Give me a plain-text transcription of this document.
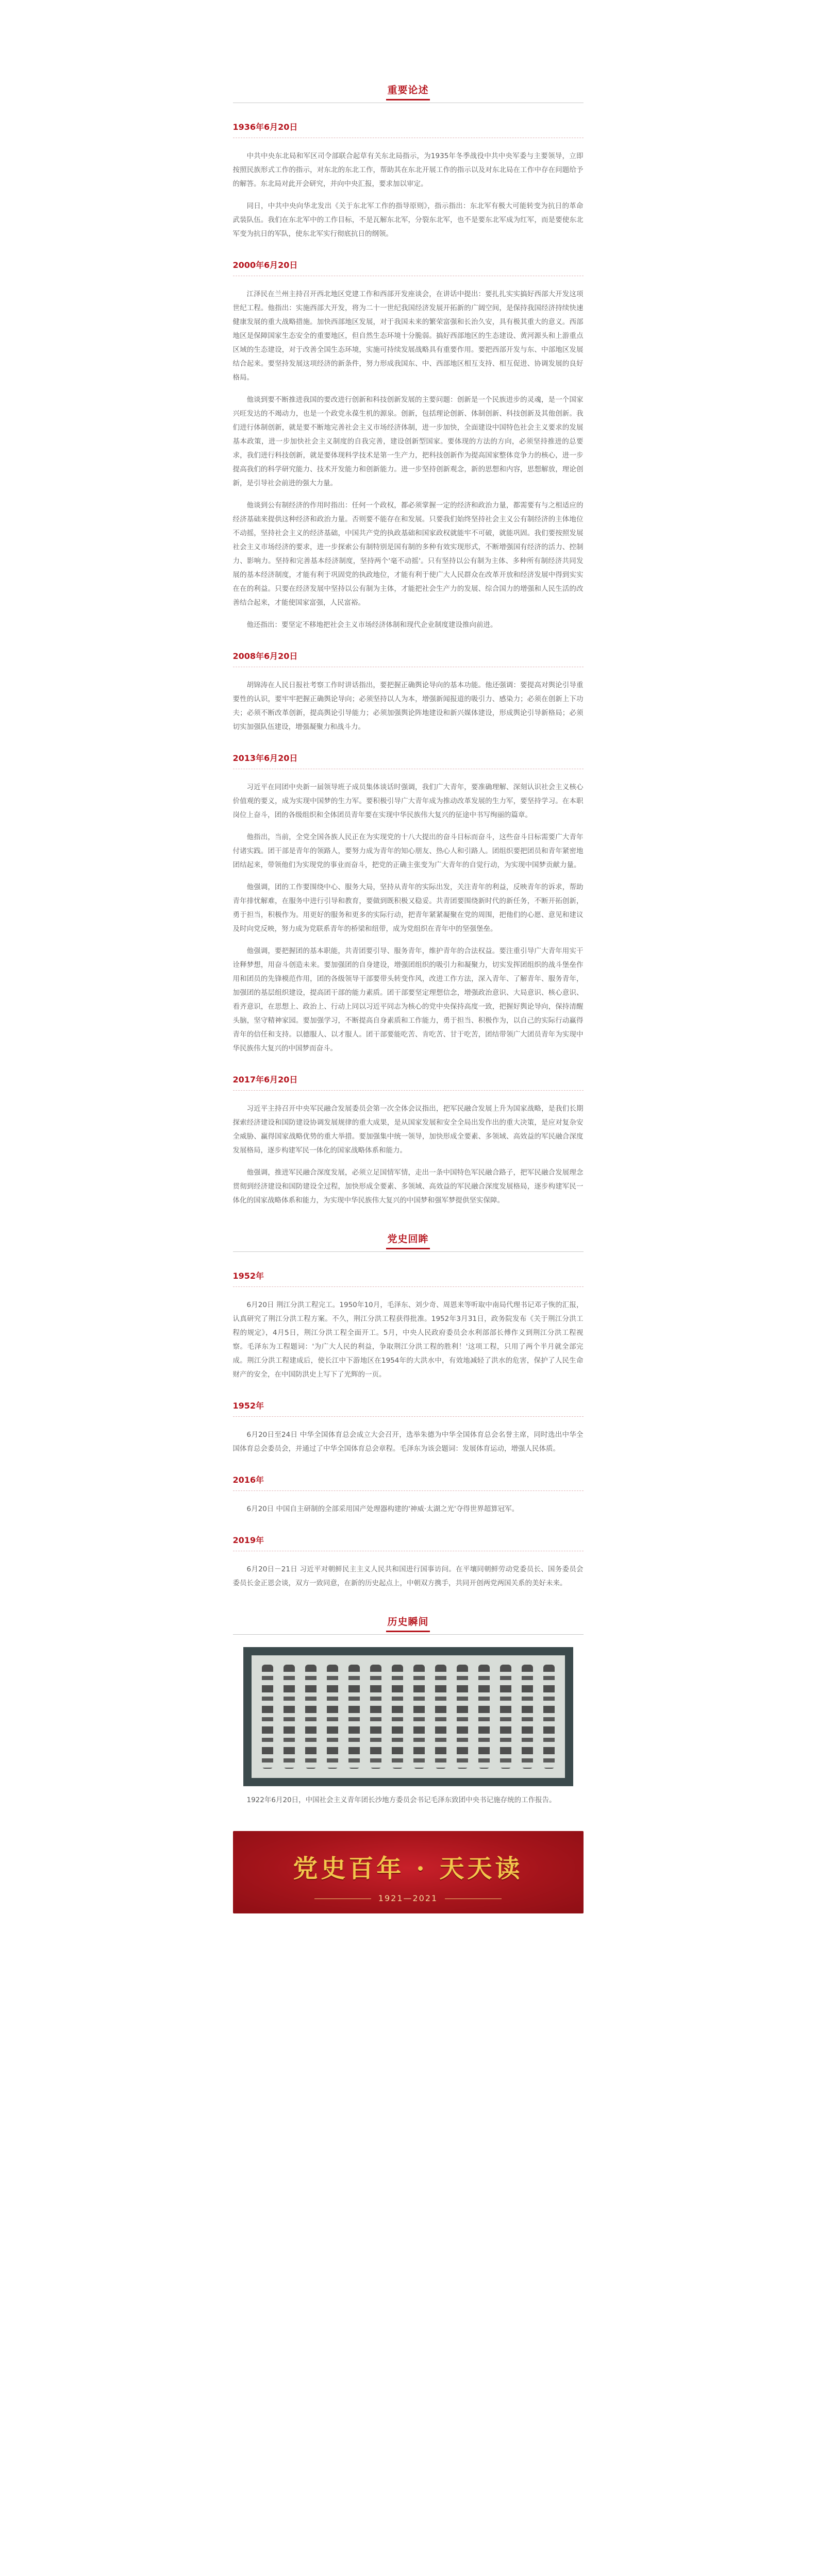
重要论述
1936年6月20日

中共中央东北局和军区司令部联合起草有关东北局指示，为1935年冬季战役中共中央军委与主要领导，立即按照民族形式工作的指示，对东北的东北工作，帮助其在东北开展工作的指示以及对东北局在工作中存在问题给予的解答。东北局对此开会研究，并向中央汇报，要求加以审定。

同日，中共中央向华北发出《关于东北军工作的指导原则》，指示指出：东北军有极大可能转变为抗日的革命武装队伍。我们在东北军中的工作目标，不是瓦解东北军，分裂东北军，也不是要东北军成为红军，而是要使东北军变为抗日的军队，使东北军实行彻底抗日的纲领。

2000年6月20日

江泽民在兰州主持召开西北地区党建工作和西部开发座谈会，在讲话中提出：要扎扎实实搞好西部大开发这项世纪工程。他指出：实施西部大开发，将为二十一世纪我国经济发展开拓新的广阔空间，是保持我国经济持续快速健康发展的重大战略措施。加快西部地区发展，对于我国未来的繁荣富强和长治久安，具有极其重大的意义。西部地区是保障国家生态安全的重要地区，但自然生态环境十分脆弱。搞好西部地区的生态建设、黄河源头和上游重点区域的生态建设，对于改善全国生态环境，实施可持续发展战略具有重要作用。要把西部开发与东、中部地区发展结合起来。要坚持发展这项经济的新条件，努力形成我国东、中、西部地区相互支持、相互促进、协调发展的良好格局。

他谈到要不断推进我国的要改进行创新和科技创新发展的主要问题：创新是一个民族进步的灵魂，是一个国家兴旺发达的不竭动力，也是一个政党永葆生机的源泉。创新，包括理论创新、体制创新、科技创新及其他创新。我们进行体制创新，就是要不断地完善社会主义市场经济体制，进一步加快，全面建设中国特色社会主义要求的发展基本政策，进一步加快社会主义制度的自我完善，建设创新型国家。要体现的方法的方向，必须坚持推进的总要求，我们进行科技创新，就是要体现科学技术是第一生产力，把科技创新作为提高国家整体竞争力的核心，进一步提高我们的科学研究能力、技术开发能力和创新能力。进一步坚持创新观念，新的思想和内容，思想解放，理论创新，是引导社会前进的强大力量。

他谈到公有制经济的作用时指出：任何一个政权，都必须掌握一定的经济和政治力量，都需要有与之相适应的经济基础来提供这种经济和政治力量。否则要不能存在和发展。只要我们始终坚持社会主义公有制经济的主体地位不动摇，坚持社会主义的经济基础，中国共产党的执政基础和国家政权就能牢不可破，就能巩固。我们要按照发展社会主义市场经济的要求，进一步探索公有制特别是国有制的多种有效实现形式，不断增强国有经济的活力、控制力、影响力。坚持和完善基本经济制度，坚持两个'毫不动摇'。只有坚持以公有制为主体、多种所有制经济共同发展的基本经济制度，才能有利于巩固党的执政地位，才能有利于使广大人民群众在改革开放和经济发展中得到实实在在的利益。只要在经济发展中坚持以公有制为主体，才能把社会生产力的发展、综合国力的增强和人民生活的改善结合起来，才能使国家富强，人民富裕。

他还指出：要坚定不移地把社会主义市场经济体制和现代企业制度建设推向前进。

2008年6月20日

胡锦涛在人民日报社考察工作时讲话指出，要把握正确舆论导向的基本功能。他还强调：要提高对舆论引导重要性的认识，要牢牢把握正确舆论导向；必须坚持以人为本，增强新闻报道的吸引力、感染力；必须在创新上下功夫；必须不断改革创新，提高舆论引导能力；必须加强舆论阵地建设和新兴媒体建设，形成舆论引导新格局；必须切实加强队伍建设，增强凝聚力和战斗力。

2013年6月20日

习近平在同团中央新一届领导班子成员集体谈话时强调，我们广大青年，要准确理解、深刻认识社会主义核心价值观的要义，成为实现中国梦的生力军。要积极引导广大青年成为推动改革发展的生力军，要坚持学习。在本职岗位上奋斗，团的各级组织和全体团员青年要在实现中华民族伟大复兴的征途中书写绚丽的篇章。

他指出，当前，全党全国各族人民正在为实现党的十八大提出的奋斗目标而奋斗，这些奋斗目标需要广大青年付诸实践。团干部是青年的领路人，要努力成为青年的知心朋友、热心人和引路人。团组织要把团员和青年紧密地团结起来，带领他们为实现党的事业而奋斗，把党的正确主张变为广大青年的自觉行动，为实现中国梦贡献力量。

他强调，团的工作要围绕中心、服务大局，坚持从青年的实际出发，关注青年的利益，反映青年的诉求，帮助青年排忧解难，在服务中进行引导和教育，要做到既积极又稳妥。共青团要围绕新时代的新任务，不断开拓创新，勇于担当，积极作为。用更好的服务和更多的实际行动，把青年紧紧凝聚在党的周围，把他们的心愿、意见和建议及时向党反映，努力成为党联系青年的桥梁和纽带，成为党组织在青年中的坚强堡垒。

他强调，要把握团的基本职能，共青团要引导、服务青年，维护青年的合法权益。要注重引导广大青年用实干诠释梦想，用奋斗创造未来。要加强团的自身建设，增强团组织的吸引力和凝聚力，切实发挥团组织的战斗堡垒作用和团员的先锋模范作用，团的各级领导干部要带头转变作风，改进工作方法，深入青年、了解青年、服务青年，加强团的基层组织建设，提高团干部的能力素质。团干部要坚定理想信念，增强政治意识、大局意识、核心意识、看齐意识，在思想上、政治上、行动上同以习近平同志为核心的党中央保持高度一致，把握好舆论导向，保持清醒头脑，坚守精神家园。要加强学习，不断提高自身素质和工作能力，勇于担当、积极作为，以自己的实际行动赢得青年的信任和支持。以德服人、以才服人。团干部要能吃苦、肯吃苦、甘于吃苦，团结带领广大团员青年为实现中华民族伟大复兴的中国梦而奋斗。

2017年6月20日

习近平主持召开中央军民融合发展委员会第一次全体会议指出，把军民融合发展上升为国家战略，是我们长期探索经济建设和国防建设协调发展规律的重大成果，是从国家发展和安全全局出发作出的重大决策，是应对复杂安全威胁、赢得国家战略优势的重大举措。要加强集中统一领导，加快形成全要素、多领域、高效益的军民融合深度发展格局，逐步构建军民一体化的国家战略体系和能力。

他强调，推进军民融合深度发展，必须立足国情军情，走出一条中国特色军民融合路子，把军民融合发展理念贯彻到经济建设和国防建设全过程，加快形成全要素、多领域、高效益的军民融合深度发展格局，逐步构建军民一体化的国家战略体系和能力，为实现中华民族伟大复兴的中国梦和强军梦提供坚实保障。

党史回眸
1952年

6月20日 荆江分洪工程完工。1950年10月，毛泽东、刘少奇、周恩来等听取中南局代理书记邓子恢的汇报，认真研究了荆江分洪工程方案。不久，荆江分洪工程获得批准。1952年3月31日，政务院发布《关于荆江分洪工程的规定》，4月5日，荆江分洪工程全面开工。5月，中央人民政府委员会水利部部长傅作义到荆江分洪工程视察。毛泽东为工程题词：'为广大人民的利益，争取荆江分洪工程的胜利！'这项工程，只用了两个半月就全部完成。荆江分洪工程建成后，使长江中下游地区在1954年的大洪水中，有效地减轻了洪水的危害，保护了人民生命财产的安全，在中国防洪史上写下了光辉的一页。

1952年

6月20日至24日 中华全国体育总会成立大会召开，选举朱德为中华全国体育总会名誉主席，同时选出中华全国体育总会委员会，并通过了中华全国体育总会章程。毛泽东为该会题词：发展体育运动，增强人民体质。

2016年

6月20日 中国自主研制的全部采用国产处理器构建的'神威·太湖之光'夺得世界超算冠军。

2019年

6月20日－21日 习近平对朝鲜民主主义人民共和国进行国事访问。在平壤同朝鲜劳动党委员长、国务委员会委员长金正恩会谈，双方一致同意，在新的历史起点上，中朝双方携手，共同开创两党两国关系的美好未来。

历史瞬间

1922年6月20日，中国社会主义青年团长沙地方委员会书记毛泽东致团中央书记施存统的工作报告。

党史百年 · 天天读
1921—2021
